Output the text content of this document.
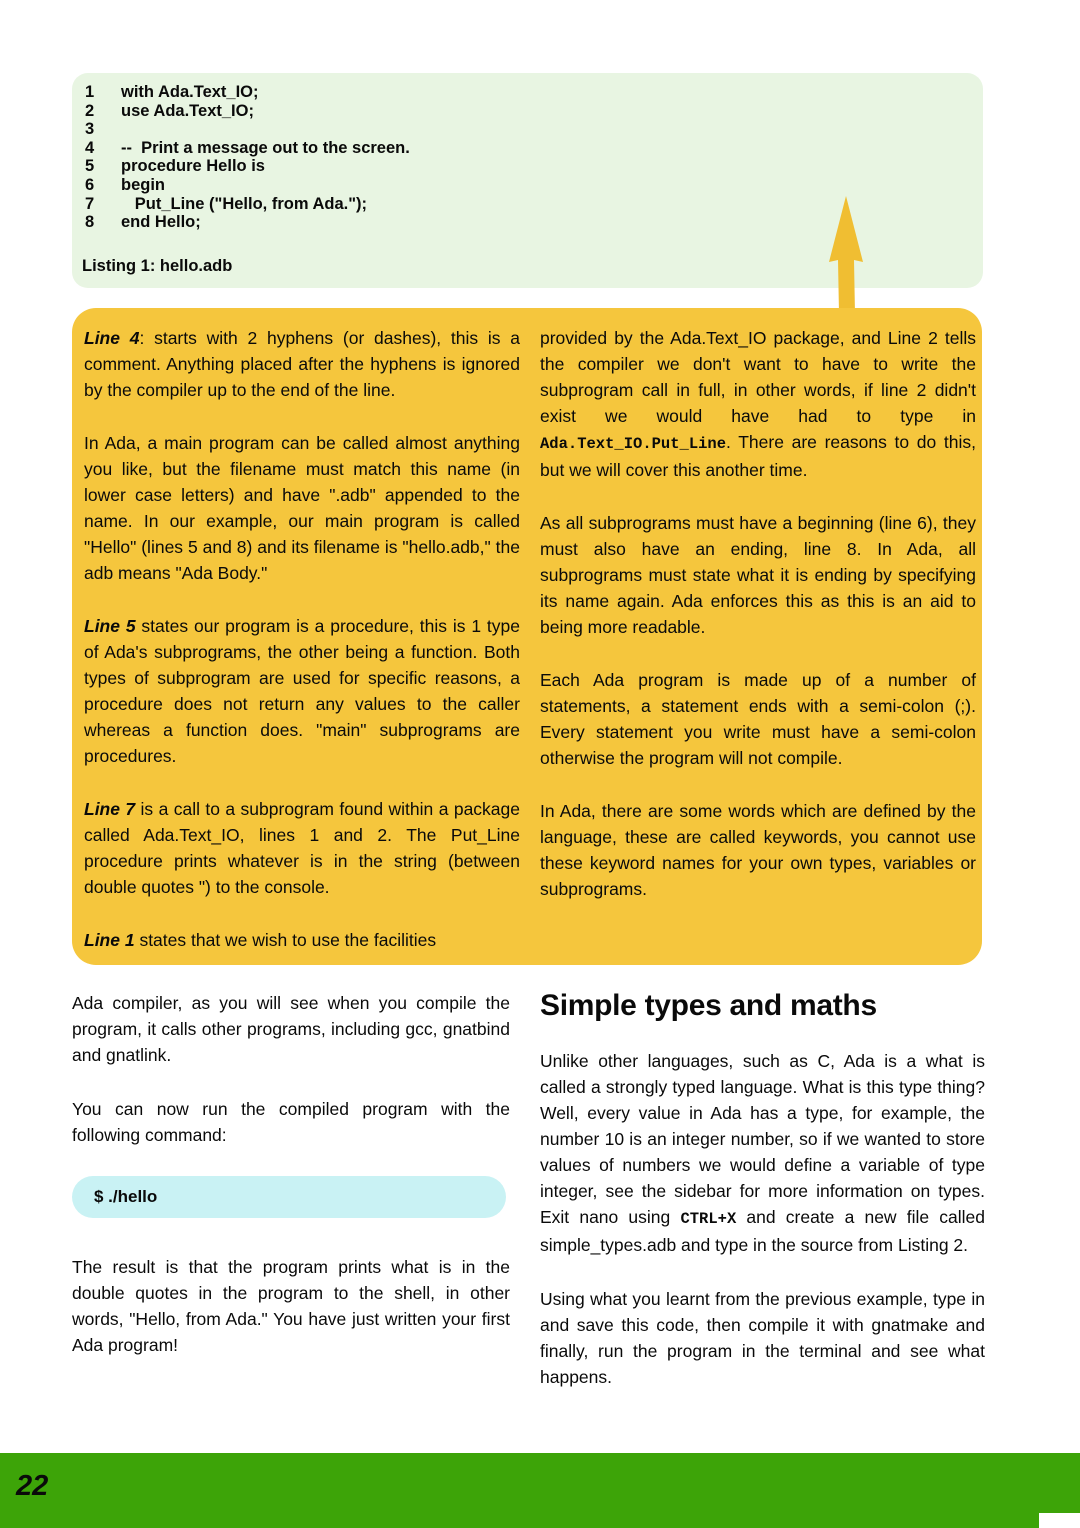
1	with Ada.Text_IO;
2	use Ada.Text_IO;
3
4	--  Print a message out to the screen.
5	procedure Hello is
6	begin
7	Put_Line ("Hello, from Ada.");
8	end Hello;
Listing 1: hello.adb

Line 4: starts with 2 hyphens (or dashes), this is a comment. Anything placed after the hyphens is ignored by the compiler up to the end of the line.

In Ada, a main program can be called almost anything you like, but the filename must match this name (in lower case letters) and have ".adb" appended to the name. In our example, our main program is called "Hello" (lines 5 and 8) and its filename is "hello.adb," the adb means "Ada Body."

Line 5 states our program is a procedure, this is 1 type of Ada's subprograms, the other being a function. Both types of subprogram are used for specific reasons, a procedure does not return any values to the caller whereas a function does. "main" subprograms are procedures.

Line 7 is a call to a subprogram found within a package called Ada.Text_IO, lines 1 and 2. The Put_Line procedure prints whatever is in the string (between double quotes ") to the console.

Line 1 states that we wish to use the facilities

provided by the Ada.Text_IO package, and Line 2 tells the compiler we don't want to have to write the subprogram call in full, in other words, if line 2 didn't exist we would have had to type in Ada.Text_IO.Put_Line. There are reasons to do this, but we will cover this another time.

As all subprograms must have a beginning (line 6), they must also have an ending, line 8. In Ada, all subprograms must state what it is ending by specifying its name again. Ada enforces this as this is an aid to being more readable.

Each Ada program is made up of a number of statements, a statement ends with a semi-colon (;). Every statement you write must have a semi-colon otherwise the program will not compile.

In Ada, there are some words which are defined by the language, these are called keywords, you cannot use these keyword names for your own types, variables or subprograms.

Ada compiler, as you will see when you compile the program, it calls other programs, including gcc, gnatbind and gnatlink.

You can now run the compiled program with the following command:

$ ./hello

The result is that the program prints what is in the double quotes in the program to the shell, in other words, "Hello, from Ada." You have just written your first Ada program!

Simple types and maths

Unlike other languages, such as C, Ada is a what is called a strongly typed language. What is this type thing? Well, every value in Ada has a type, for example, the number 10 is an integer number, so if we wanted to store values of numbers we would define a variable of type integer, see the sidebar for more information on types. Exit nano using CTRL+X and create a new file called simple_types.adb and type in the source from Listing 2.

Using what you learnt from the previous example, type in and save this code, then compile it with gnatmake and finally, run the program in the terminal and see what happens.

22
